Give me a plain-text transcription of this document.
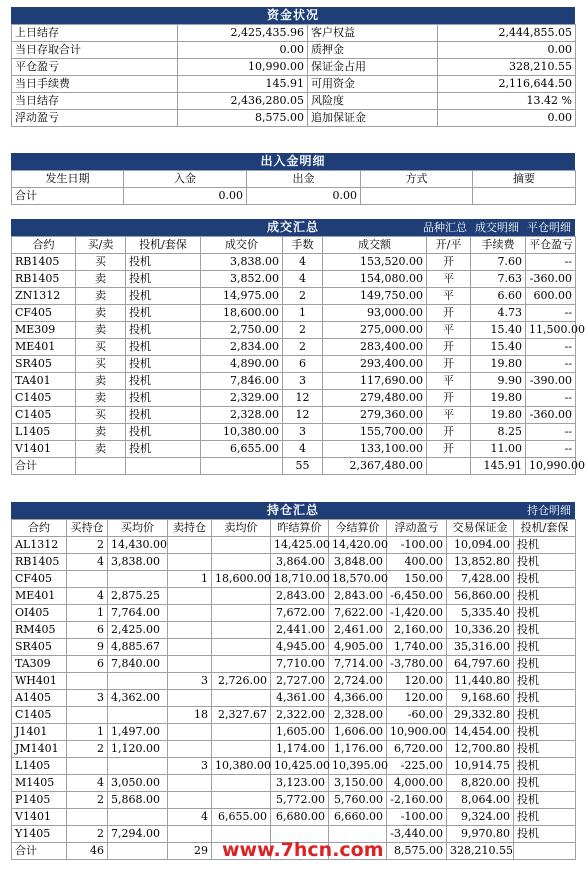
资金状况
上日结存	2,425,435.96	客户权益	2,444,855.05
当日存取合计	0.00	质押金	0.00
平仓盈亏	10,990.00	保证金占用	328,210.55
当日手续费	145.91	可用资金	2,116,644.50
当日结存	2,436,280.05	风险度	13.42 %
浮动盈亏	8,575.00	追加保证金	0.00
出入金明细
发生日期	入金	出金	方式	摘要
合计	0.00	0.00		
成交汇总	品种汇总 成交明细 平仓明细
合约	买/卖	投机/套保	成交价	手数	成交额	开/平	手续费	平仓盈亏
RB1405	买	投机	3,838.00	4	153,520.00	开	7.60	--
RB1405	卖	投机	3,852.00	4	154,080.00	平	7.63	-360.00
ZN1312	卖	投机	14,975.00	2	149,750.00	平	6.60	600.00
CF405	卖	投机	18,600.00	1	93,000.00	开	4.73	--
ME309	卖	投机	2,750.00	2	275,000.00	平	15.40	11,500.00
ME401	买	投机	2,834.00	2	283,400.00	开	15.40	--
SR405	买	投机	4,890.00	6	293,400.00	开	19.80	--
TA401	卖	投机	7,846.00	3	117,690.00	平	9.90	-390.00
C1405	卖	投机	2,329.00	12	279,480.00	开	19.80	--
C1405	买	投机	2,328.00	12	279,360.00	平	19.80	-360.00
L1405	卖	投机	10,380.00	3	155,700.00	开	8.25	--
V1401	卖	投机	6,655.00	4	133,100.00	开	11.00	--
合计				55	2,367,480.00		145.91	10,990.00
持仓汇总	持仓明细
合约	买持仓	买均价	卖持仓	卖均价	昨结算价	今结算价	浮动盈亏	交易保证金	投机/套保
AL1312	2	14,430.00			14,425.00	14,420.00	-100.00	10,094.00	投机
RB1405	4	3,838.00			3,864.00	3,848.00	400.00	13,852.80	投机
CF405			1	18,600.00	18,710.00	18,570.00	150.00	7,428.00	投机
ME401	4	2,875.25			2,843.00	2,843.00	-6,450.00	56,860.00	投机
OI405	1	7,764.00			7,672.00	7,622.00	-1,420.00	5,335.40	投机
RM405	6	2,425.00			2,441.00	2,461.00	2,160.00	10,336.20	投机
SR405	9	4,885.67			4,945.00	4,905.00	1,740.00	35,316.00	投机
TA309	6	7,840.00			7,710.00	7,714.00	-3,780.00	64,797.60	投机
WH401			3	2,726.00	2,727.00	2,724.00	120.00	11,440.80	投机
A1405	3	4,362.00			4,361.00	4,366.00	120.00	9,168.60	投机
C1405			18	2,327.67	2,322.00	2,328.00	-60.00	29,332.80	投机
J1401	1	1,497.00			1,605.00	1,606.00	10,900.00	14,454.00	投机
JM1401	2	1,120.00			1,174.00	1,176.00	6,720.00	12,700.80	投机
L1405			3	10,380.00	10,425.00	10,395.00	-225.00	10,914.75	投机
M1405	4	3,050.00			3,123.00	3,150.00	4,000.00	8,820.00	投机
P1405	2	5,868.00			5,772.00	5,760.00	-2,160.00	8,064.00	投机
V1401			4	6,655.00	6,680.00	6,660.00	-100.00	9,324.00	投机
Y1405	2	7,294.00					-3,440.00	9,970.80	投机
合计	46		29				8,575.00	328,210.55	
www.7hcn.com
